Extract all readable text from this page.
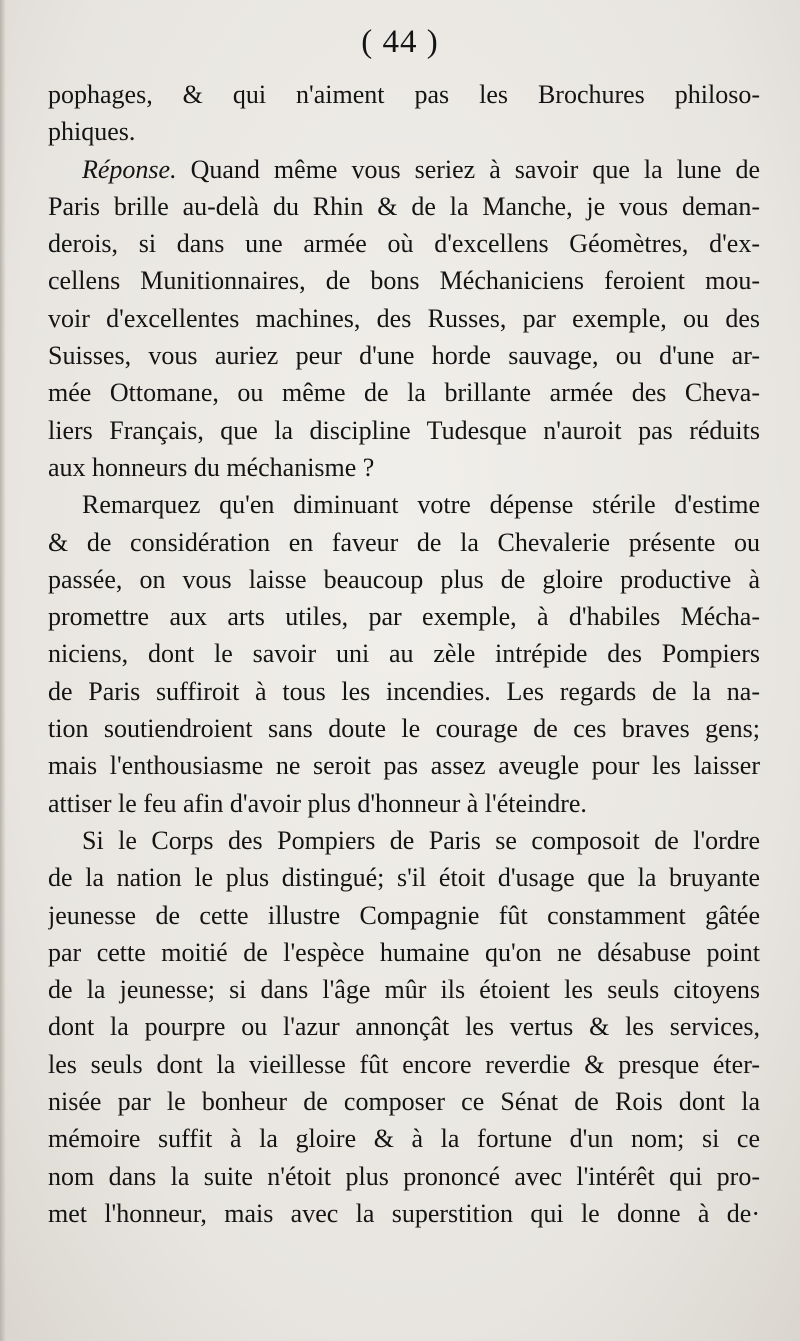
( 44 )
pophages, & qui n'aiment pas les Brochures philoso-
phiques.
Réponse. Quand même vous seriez à savoir que la lune de
Paris brille au-delà du Rhin & de la Manche, je vous deman-
derois, si dans une armée où d'excellens Géomètres, d'ex-
cellens Munitionnaires, de bons Méchaniciens feroient mou-
voir d'excellentes machines, des Russes, par exemple, ou des
Suisses, vous auriez peur d'une horde sauvage, ou d'une ar-
mée Ottomane, ou même de la brillante armée des Cheva-
liers Français, que la discipline Tudesque n'auroit pas réduits
aux honneurs du méchanisme ?
Remarquez qu'en diminuant votre dépense stérile d'estime
& de considération en faveur de la Chevalerie présente ou
passée, on vous laisse beaucoup plus de gloire productive à
promettre aux arts utiles, par exemple, à d'habiles Mécha-
niciens, dont le savoir uni au zèle intrépide des Pompiers
de Paris suffiroit à tous les incendies. Les regards de la na-
tion soutiendroient sans doute le courage de ces braves gens;
mais l'enthousiasme ne seroit pas assez aveugle pour les laisser
attiser le feu afin d'avoir plus d'honneur à l'éteindre.
Si le Corps des Pompiers de Paris se composoit de l'ordre
de la nation le plus distingué; s'il étoit d'usage que la bruyante
jeunesse de cette illustre Compagnie fût constamment gâtée
par cette moitié de l'espèce humaine qu'on ne désabuse point
de la jeunesse; si dans l'âge mûr ils étoient les seuls citoyens
dont la pourpre ou l'azur annonçât les vertus & les services,
les seuls dont la vieillesse fût encore reverdie & presque éter-
nisée par le bonheur de composer ce Sénat de Rois dont la
mémoire suffit à la gloire & à la fortune d'un nom; si ce
nom dans la suite n'étoit plus prononcé avec l'intérêt qui pro-
met l'honneur, mais avec la superstition qui le donne à de·
